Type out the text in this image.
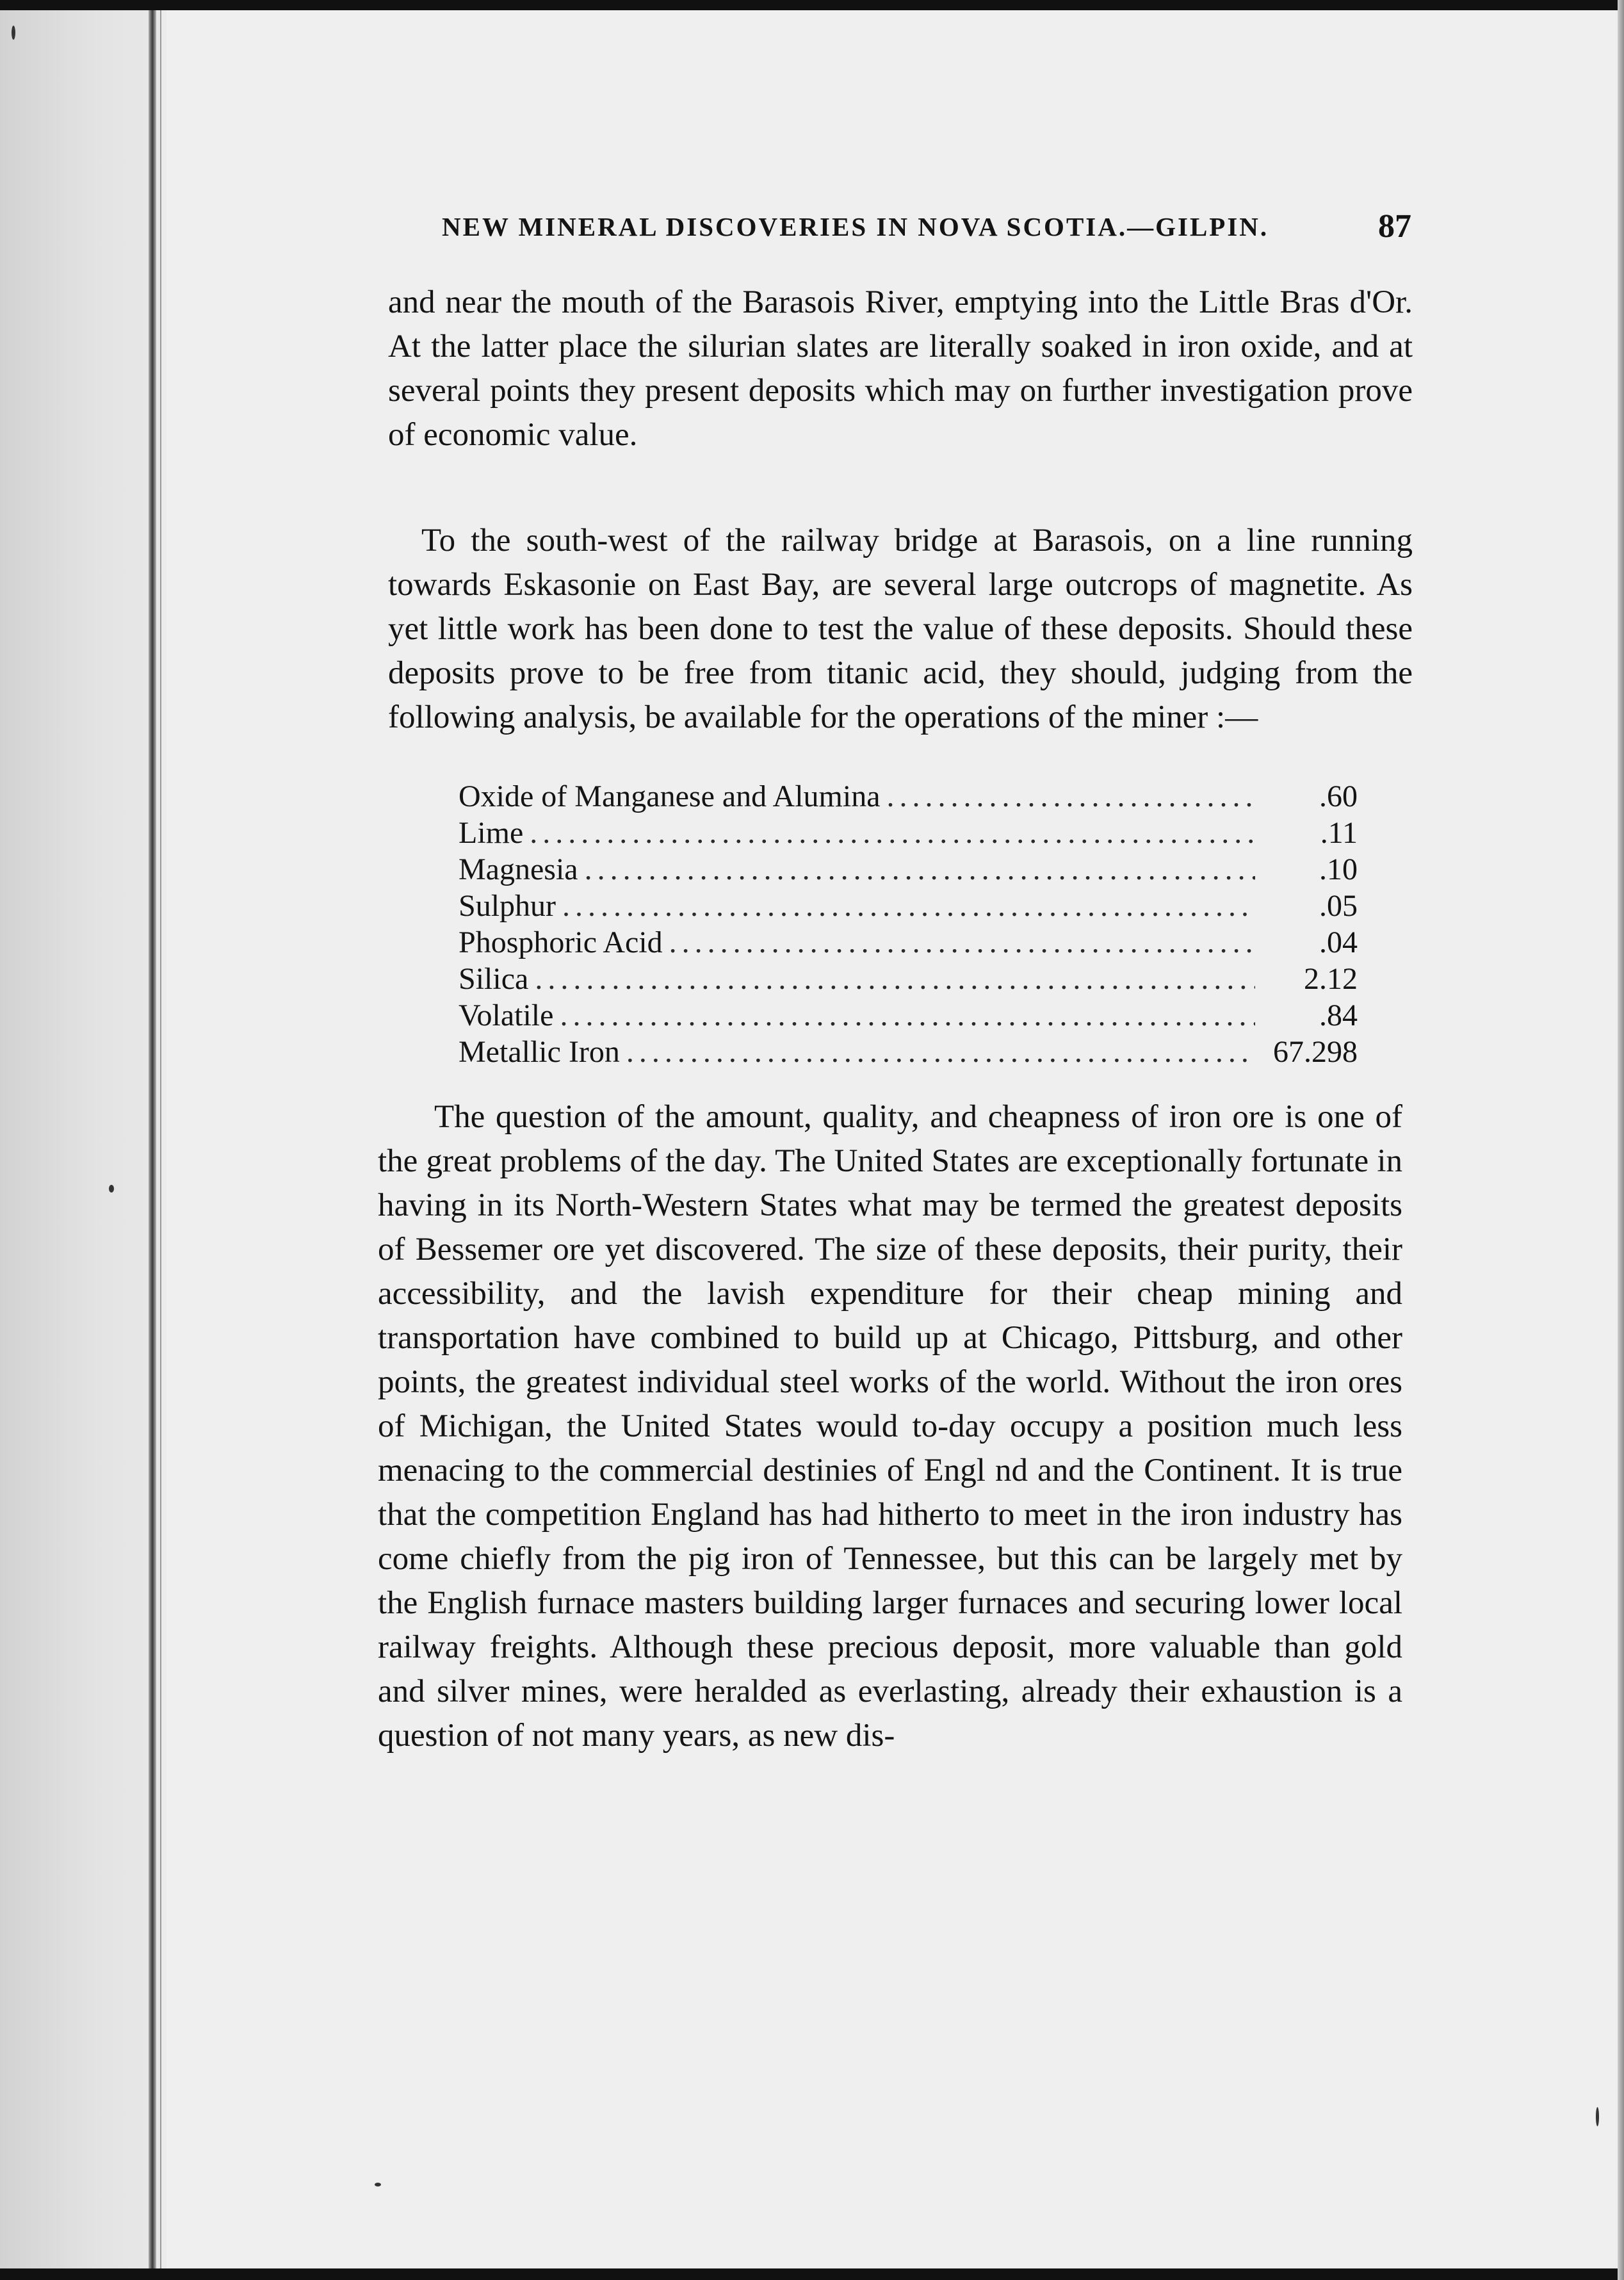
NEW MINERAL DISCOVERIES IN NOVA SCOTIA.—GILPIN.	87

and near the mouth of the Barasois River, emptying into the Little Bras d'Or. At the latter place the silurian slates are literally soaked in iron oxide, and at several points they present deposits which may on further investigation prove of economic value.

To the south-west of the railway bridge at Barasois, on a line running towards Eskasonie on East Bay, are several large outcrops of magnetite. As yet little work has been done to test the value of these deposits. Should these deposits prove to be free from titanic acid, they should, judging from the following analysis, be available for the operations of the miner :—

Oxide of Manganese and Alumina .....	.60
Lime .....	.11
Magnesia .....	.10
Sulphur .....	.05
Phosphoric Acid .....	.04
Silica .....	2.12
Volatile .....	.84
Metallic Iron .....	67.298

The question of the amount, quality, and cheapness of iron ore is one of the great problems of the day. The United States are exceptionally fortunate in having in its North-Western States what may be termed the greatest deposits of Bessemer ore yet discovered. The size of these deposits, their purity, their accessibility, and the lavish expenditure for their cheap mining and transportation have combined to build up at Chicago, Pittsburg, and other points, the greatest individual steel works of the world. Without the iron ores of Michigan, the United States would to-day occupy a position much less menacing to the commercial destinies of Engl nd and the Continent. It is true that the competition England has had hitherto to meet in the iron industry has come chiefly from the pig iron of Tennessee, but this can be largely met by the English furnace masters building larger furnaces and securing lower local railway freights. Although these precious deposit, more valuable than gold and silver mines, were heralded as everlasting, already their exhaustion is a question of not many years, as new dis-
